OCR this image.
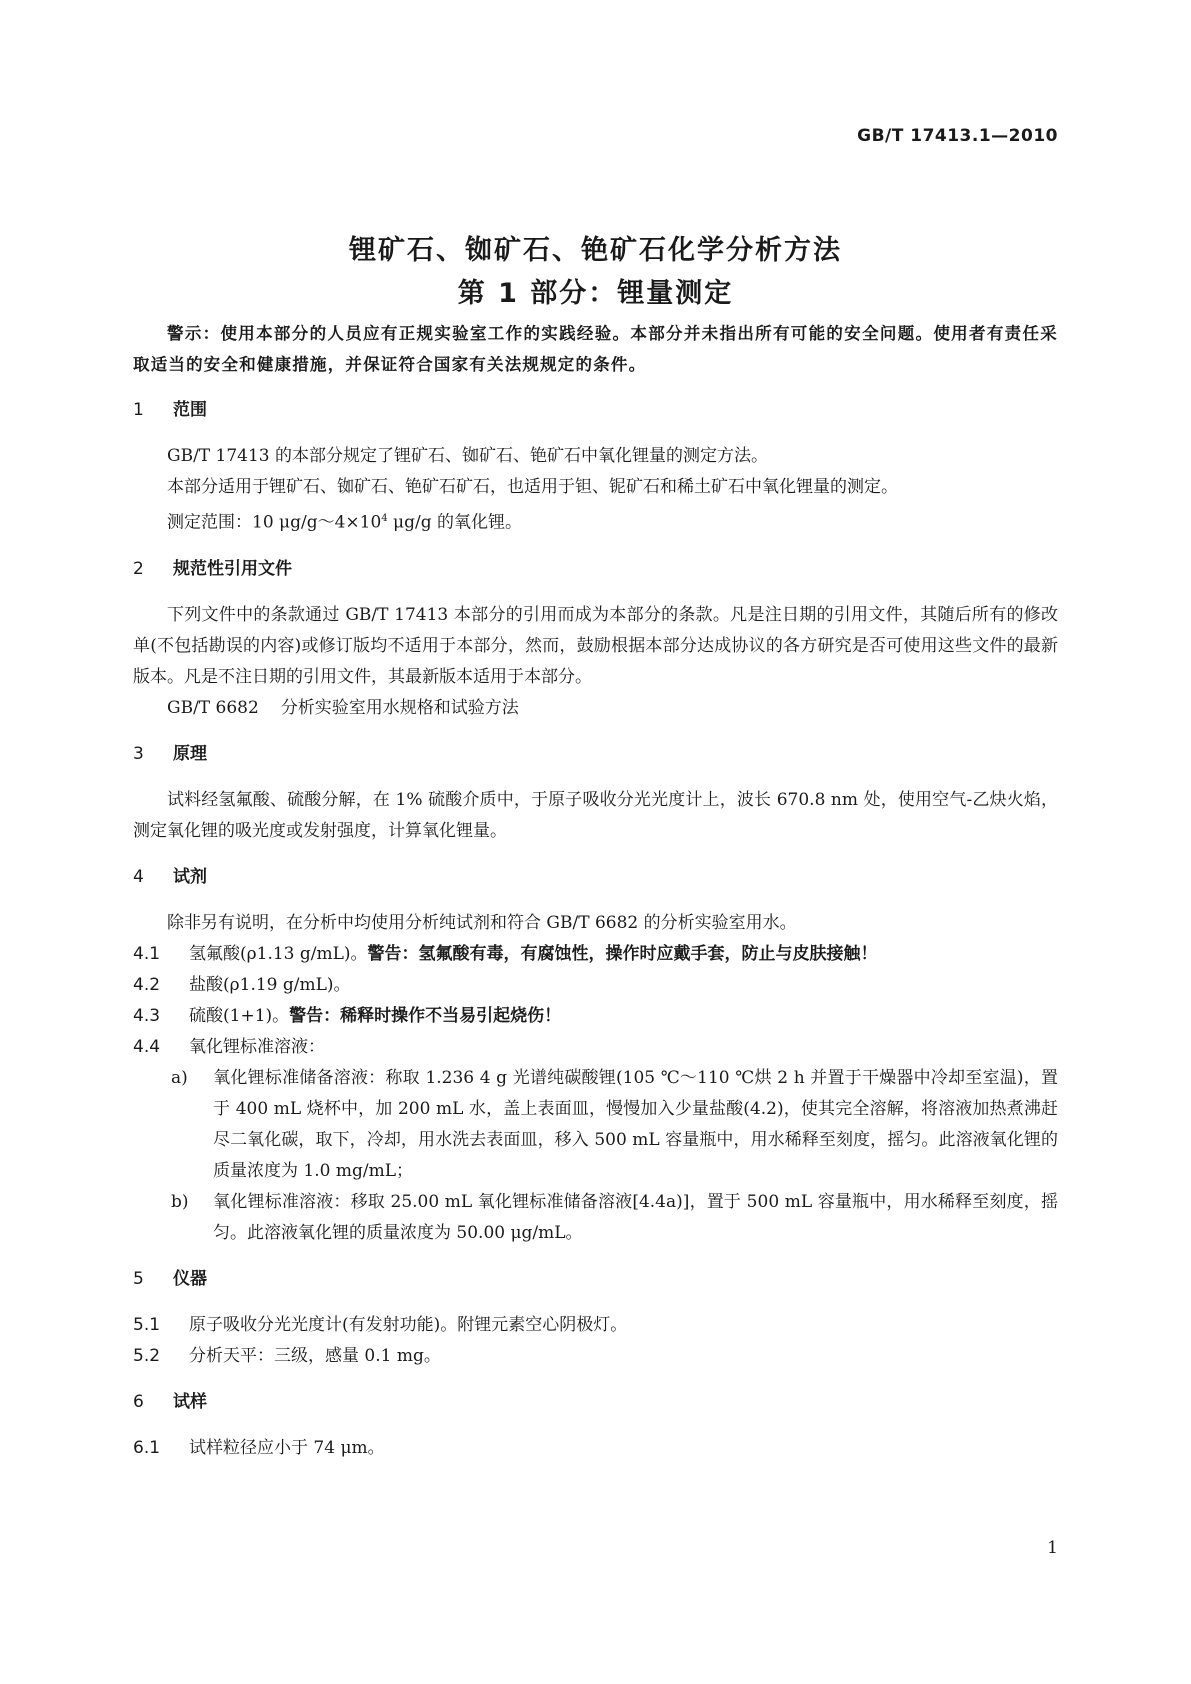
GB/T 17413.1—2010
锂矿石、铷矿石、铯矿石化学分析方法
第 1 部分：锂量测定

警示：使用本部分的人员应有正规实验室工作的实践经验。本部分并未指出所有可能的安全问题。使用者有责任采取适当的安全和健康措施，并保证符合国家有关法规规定的条件。

1 范围

GB/T 17413 的本部分规定了锂矿石、铷矿石、铯矿石中氧化锂量的测定方法。

本部分适用于锂矿石、铷矿石、铯矿石矿石，也适用于钽、铌矿石和稀土矿石中氧化锂量的测定。

测定范围：10 $\mu g/g\sim 4\times 10^4$ μg/g 的氧化锂。

2 规范性引用文件

下列文件中的条款通过 GB/T 17413 本部分的引用而成为本部分的条款。凡是注日期的引用文件，其随后所有的修改单(不包括勘误的内容)或修订版均不适用于本部分，然而，鼓励根据本部分达成协议的各方研究是否可使用这些文件的最新版本。凡是不注日期的引用文件，其最新版本适用于本部分。

GB/T 6682 分析实验室用水规格和试验方法

3 原理

试料经氢氟酸、硫酸分解，在 1% 硫酸介质中，于原子吸收分光光度计上，波长 670.8 nm 处，使用空气-乙炔火焰，测定氧化锂的吸光度或发射强度，计算氧化锂量。

4 试剂

除非另有说明，在分析中均使用分析纯试剂和符合 GB/T 6682 的分析实验室用水。

4.1 氢氟酸(ρ1.13 g/mL)。警告：氢氟酸有毒，有腐蚀性，操作时应戴手套，防止与皮肤接触！

4.2 盐酸(ρ1.19 g/mL)。

4.3 硫酸(1+1)。警告：稀释时操作不当易引起烧伤！

4.4 氧化锂标准溶液：

a) 氧化锂标准储备溶液：称取 1.236 4 g 光谱纯碳酸锂(105 ℃～110 ℃烘 2 h 并置于干燥器中冷却至室温)，置于 400 mL 烧杯中，加 200 mL 水，盖上表面皿，慢慢加入少量盐酸(4.2)，使其完全溶解，将溶液加热煮沸赶尽二氧化碳，取下，冷却，用水洗去表面皿，移入 500 mL 容量瓶中，用水稀释至刻度，摇匀。此溶液氧化锂的质量浓度为 1.0 mg/mL；

b) 氧化锂标准溶液：移取 25.00 mL 氧化锂标准储备溶液[4.4a)]，置于 500 mL 容量瓶中，用水稀释至刻度，摇匀。此溶液氧化锂的质量浓度为 50.00 μg/mL。

5 仪器

5.1 原子吸收分光光度计(有发射功能)。附锂元素空心阴极灯。

5.2 分析天平：三级，感量 0.1 mg。

6 试样

6.1 试样粒径应小于 74 μm。

1
